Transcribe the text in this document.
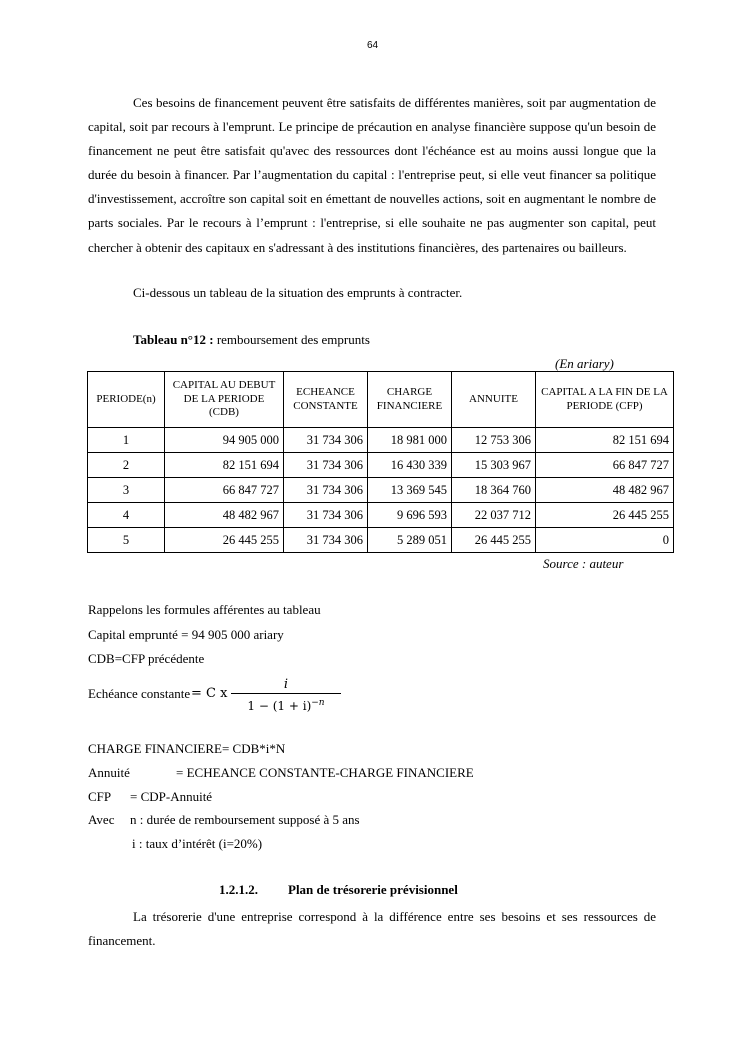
64

Ces besoins de financement peuvent être satisfaits de différentes manières, soit par augmentation de capital, soit par recours à l'emprunt. Le principe de précaution en analyse financière suppose qu'un besoin de financement ne peut être satisfait qu'avec des ressources dont l'échéance est au moins aussi longue que la durée du besoin à financer. Par l’augmentation du capital : l'entreprise peut, si elle veut financer sa politique d'investissement, accroître son capital soit en émettant de nouvelles actions, soit en augmentant le nombre de parts sociales. Par le recours à l’emprunt : l'entreprise, si elle souhaite ne pas augmenter son capital, peut chercher à obtenir des capitaux en s'adressant à des institutions financières, des partenaires ou bailleurs.

Ci-dessous un tableau de la situation des emprunts à contracter.

Tableau n°12 : remboursement des emprunts

(En ariary)
PERIODE(n)	CAPITAL AU DEBUT DE LA PERIODE (CDB)	ECHEANCE CONSTANTE	CHARGE FINANCIERE	ANNUITE	CAPITAL A LA FIN DE LA PERIODE (CFP)
1	94 905 000	31 734 306	18 981 000	12 753 306	82 151 694
2	82 151 694	31 734 306	16 430 339	15 303 967	66 847 727
3	66 847 727	31 734 306	13 369 545	18 364 760	48 482 967
4	48 482 967	31 734 306	9 696 593	22 037 712	26 445 255
5	26 445 255	31 734 306	5 289 051	26 445 255	0
Source : auteur

Rappelons les formules afférentes au tableau

Capital emprunté = 94 905 000 ariary

CDB=CFP précédente

Echéance constante = C x
i
$1 - (1 + i)^{-n}$

CHARGE FINANCIERE= CDB*i*N

Annuité	= ECHEANCE CONSTANTE-CHARGE FINANCIERE

CFP = CDP-Annuité

Avec n : durée de remboursement supposé à 5 ans

i : taux d’intérêt (i=20%)

1.2.1.2. Plan de trésorerie prévisionnel

La trésorerie d'une entreprise correspond à la différence entre ses besoins et ses ressources de financement.
